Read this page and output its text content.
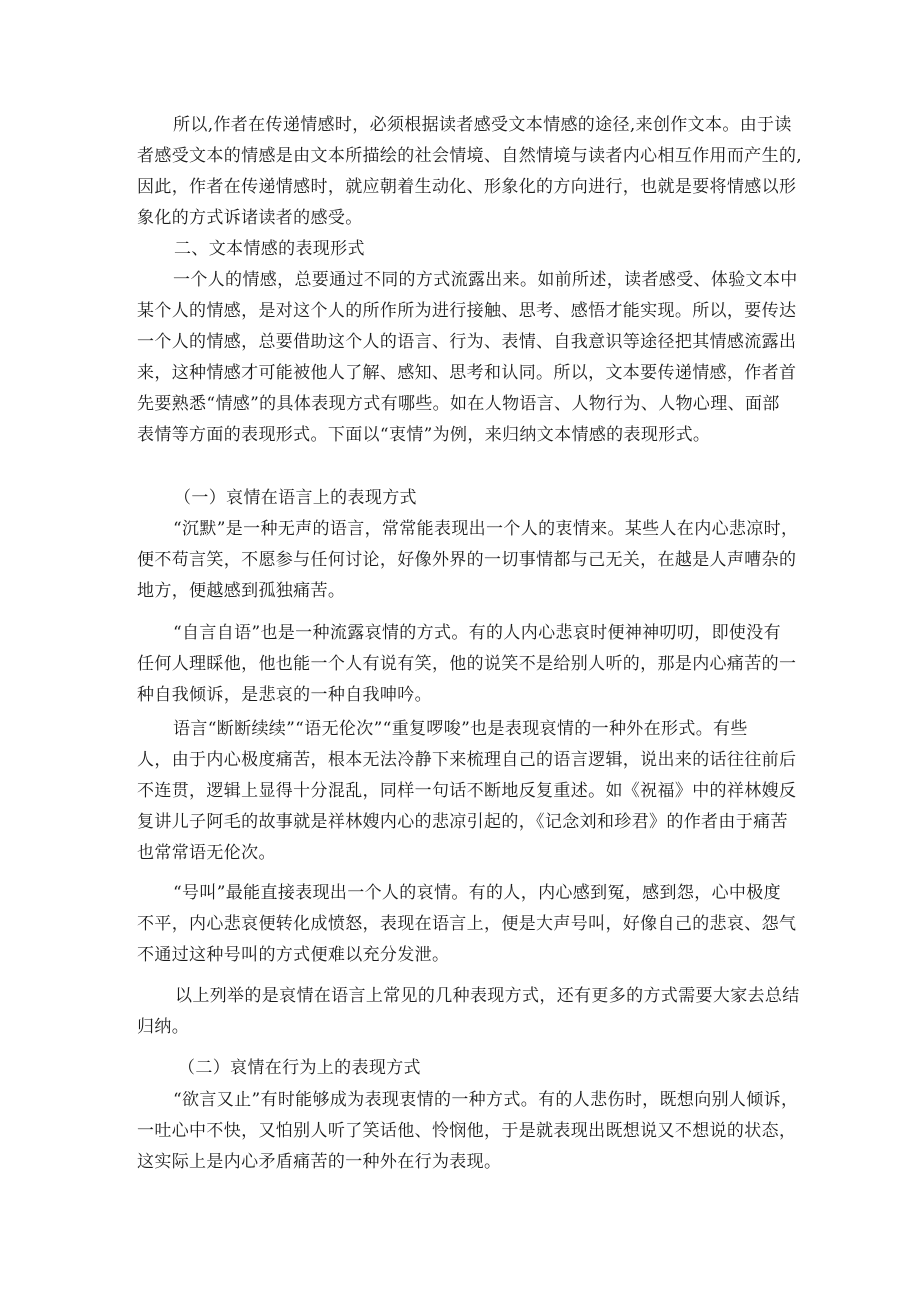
所以,作者在传递情感时，必须根据读者感受文本情感的途径,来创作文本。由于读
者感受文本的情感是由文本所描绘的社会情境、自然情境与读者内心相互作用而产生的,
因此，作者在传递情感时，就应朝着生动化、形象化的方向进行，也就是要将情感以形
象化的方式诉诸读者的感受。
二、文本情感的表现形式
一个人的情感，总要通过不同的方式流露出来。如前所述，读者感受、体验文本中
某个人的情感，是对这个人的所作所为进行接触、思考、感悟才能实现。所以，要传达
一个人的情感，总要借助这个人的语言、行为、表情、自我意识等途径把其情感流露出
来，这种情感才可能被他人了解、感知、思考和认同。所以，文本要传递情感，作者首
先要熟悉“情感”的具体表现方式有哪些。如在人物语言、人物行为、人物心理、面部
表情等方面的表现形式。下面以“衷情”为例，来归纳文本情感的表现形式。
（一）哀情在语言上的表现方式
“沉默”是一种无声的语言，常常能表现出一个人的衷情来。某些人在内心悲凉时，
便不苟言笑，不愿参与任何讨论，好像外界的一切事情都与己无关，在越是人声嘈杂的
地方，便越感到孤独痛苦。
“自言自语”也是一种流露哀情的方式。有的人内心悲哀时便神神叨叨，即使没有
任何人理睬他，他也能一个人有说有笑，他的说笑不是给别人听的，那是内心痛苦的一
种自我倾诉，是悲哀的一种自我呻吟。
语言“断断续续”“语无伦次”“重复啰唆”也是表现哀情的一种外在形式。有些
人，由于内心极度痛苦，根本无法冷静下来梳理自己的语言逻辑，说出来的话往往前后
不连贯，逻辑上显得十分混乱，同样一句话不断地反复重述。如《祝福》中的祥林嫂反
复讲儿子阿毛的故事就是祥林嫂内心的悲凉引起的，《记念刘和珍君》的作者由于痛苦
也常常语无伦次。
“号叫”最能直接表现出一个人的哀情。有的人，内心感到冤，感到怨，心中极度
不平，内心悲哀便转化成愤怒，表现在语言上，便是大声号叫，好像自己的悲哀、怨气
不通过这种号叫的方式便难以充分发泄。
以上列举的是哀情在语言上常见的几种表现方式，还有更多的方式需要大家去总结
归纳。
（二）哀情在行为上的表现方式
“欲言又止”有时能够成为表现衷情的一种方式。有的人悲伤时，既想向别人倾诉，
一吐心中不快，又怕别人听了笑话他、怜悯他，于是就表现出既想说又不想说的状态，
这实际上是内心矛盾痛苦的一种外在行为表现。
